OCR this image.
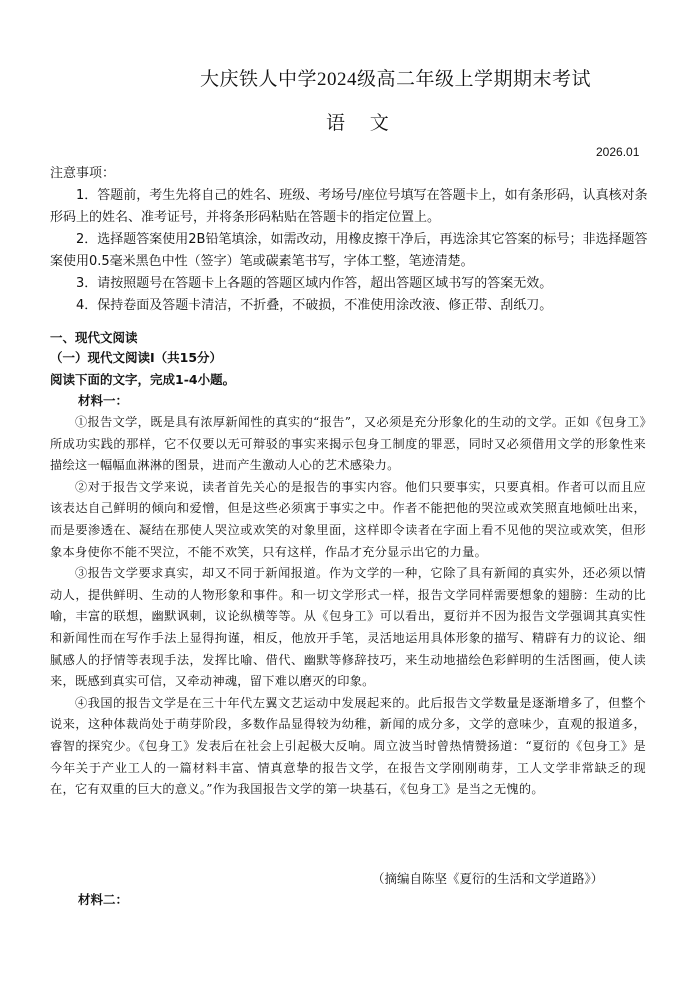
大庆铁人中学2024级高二年级上学期期末考试
语 文
2026.01

注意事项：

1．答题前，考生先将自己的姓名、班级、考场号/座位号填写在答题卡上，如有条形码，认真核对条形码上的姓名、准考证号，并将条形码粘贴在答题卡的指定位置上。

2．选择题答案使用2B铅笔填涂，如需改动，用橡皮擦干净后，再选涂其它答案的标号；非选择题答案使用0.5毫米黑色中性（签字）笔或碳素笔书写，字体工整，笔迹清楚。

3．请按照题号在答题卡上各题的答题区域内作答，超出答题区域书写的答案无效。

4．保持卷面及答题卡清洁，不折叠，不破损，不准使用涂改液、修正带、刮纸刀。

一、现代文阅读
（一）现代文阅读Ⅰ（共15分）
阅读下面的文字，完成1-4小题。
材料一：

①报告文学，既是具有浓厚新闻性的真实的“报告”，又必须是充分形象化的生动的文学。正如《包身工》所成功实践的那样，它不仅要以无可辩驳的事实来揭示包身工制度的罪恶，同时又必须借用文学的形象性来描绘这一幅幅血淋淋的图景，进而产生激动人心的艺术感染力。

②对于报告文学来说，读者首先关心的是报告的事实内容。他们只要事实，只要真相。作者可以而且应该表达自己鲜明的倾向和爱憎，但是这些必须寓于事实之中。作者不能把他的哭泣或欢笑照直地倾吐出来，而是要渗透在、凝结在那使人哭泣或欢笑的对象里面，这样即令读者在字面上看不见他的哭泣或欢笑，但形象本身使你不能不哭泣，不能不欢笑，只有这样，作品才充分显示出它的力量。

③报告文学要求真实，却又不同于新闻报道。作为文学的一种，它除了具有新闻的真实外，还必须以情动人，提供鲜明、生动的人物形象和事件。和一切文学形式一样，报告文学同样需要想象的翅膀：生动的比喻，丰富的联想，幽默讽刺，议论纵横等等。从《包身工》可以看出，夏衍并不因为报告文学强调其真实性和新闻性而在写作手法上显得拘谨，相反，他放开手笔，灵活地运用具体形象的描写、精辟有力的议论、细腻感人的抒情等表现手法，发挥比喻、借代、幽默等修辞技巧，来生动地描绘色彩鲜明的生活图画，使人读来，既感到真实可信，又牵动神魂，留下难以磨灭的印象。

④我国的报告文学是在三十年代左翼文艺运动中发展起来的。此后报告文学数量是逐渐增多了，但整个说来，这种体裁尚处于萌芽阶段，多数作品显得较为幼稚，新闻的成分多，文学的意味少，直观的报道多，睿智的探究少。《包身工》发表后在社会上引起极大反响。周立波当时曾热情赞扬道：“夏衍的《包身工》是今年关于产业工人的一篇材料丰富、情真意挚的报告文学，在报告文学刚刚萌芽，工人文学非常缺乏的现在，它有双重的巨大的意义。”作为我国报告文学的第一块基石，《包身工》是当之无愧的。

（摘编自陈坚《夏衍的生活和文学道路》）
材料二：
